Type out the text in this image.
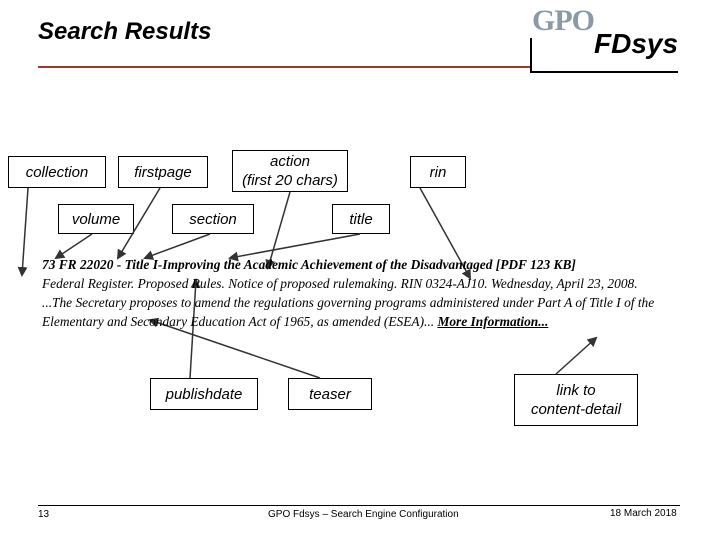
Search Results	GPO
FDsys
collection	firstpage
action
(first 20 chars)	rin
volume	section	title
publishdate	teaser	link to
content-detail
73 FR 22020 - Title I-Improving the Academic Achievement of the Disadvantaged [PDF 123 KB]
Federal Register. Proposed Rules. Notice of proposed rulemaking. RIN 0324-AJ10. Wednesday, April 23, 2008.
...The Secretary proposes to amend the regulations governing programs administered under Part A of Title I of the Elementary and Secondary Education Act of 1965, as amended (ESEA)... More Information...
13	GPO Fdsys – Search Engine Configuration	18 March 2018
